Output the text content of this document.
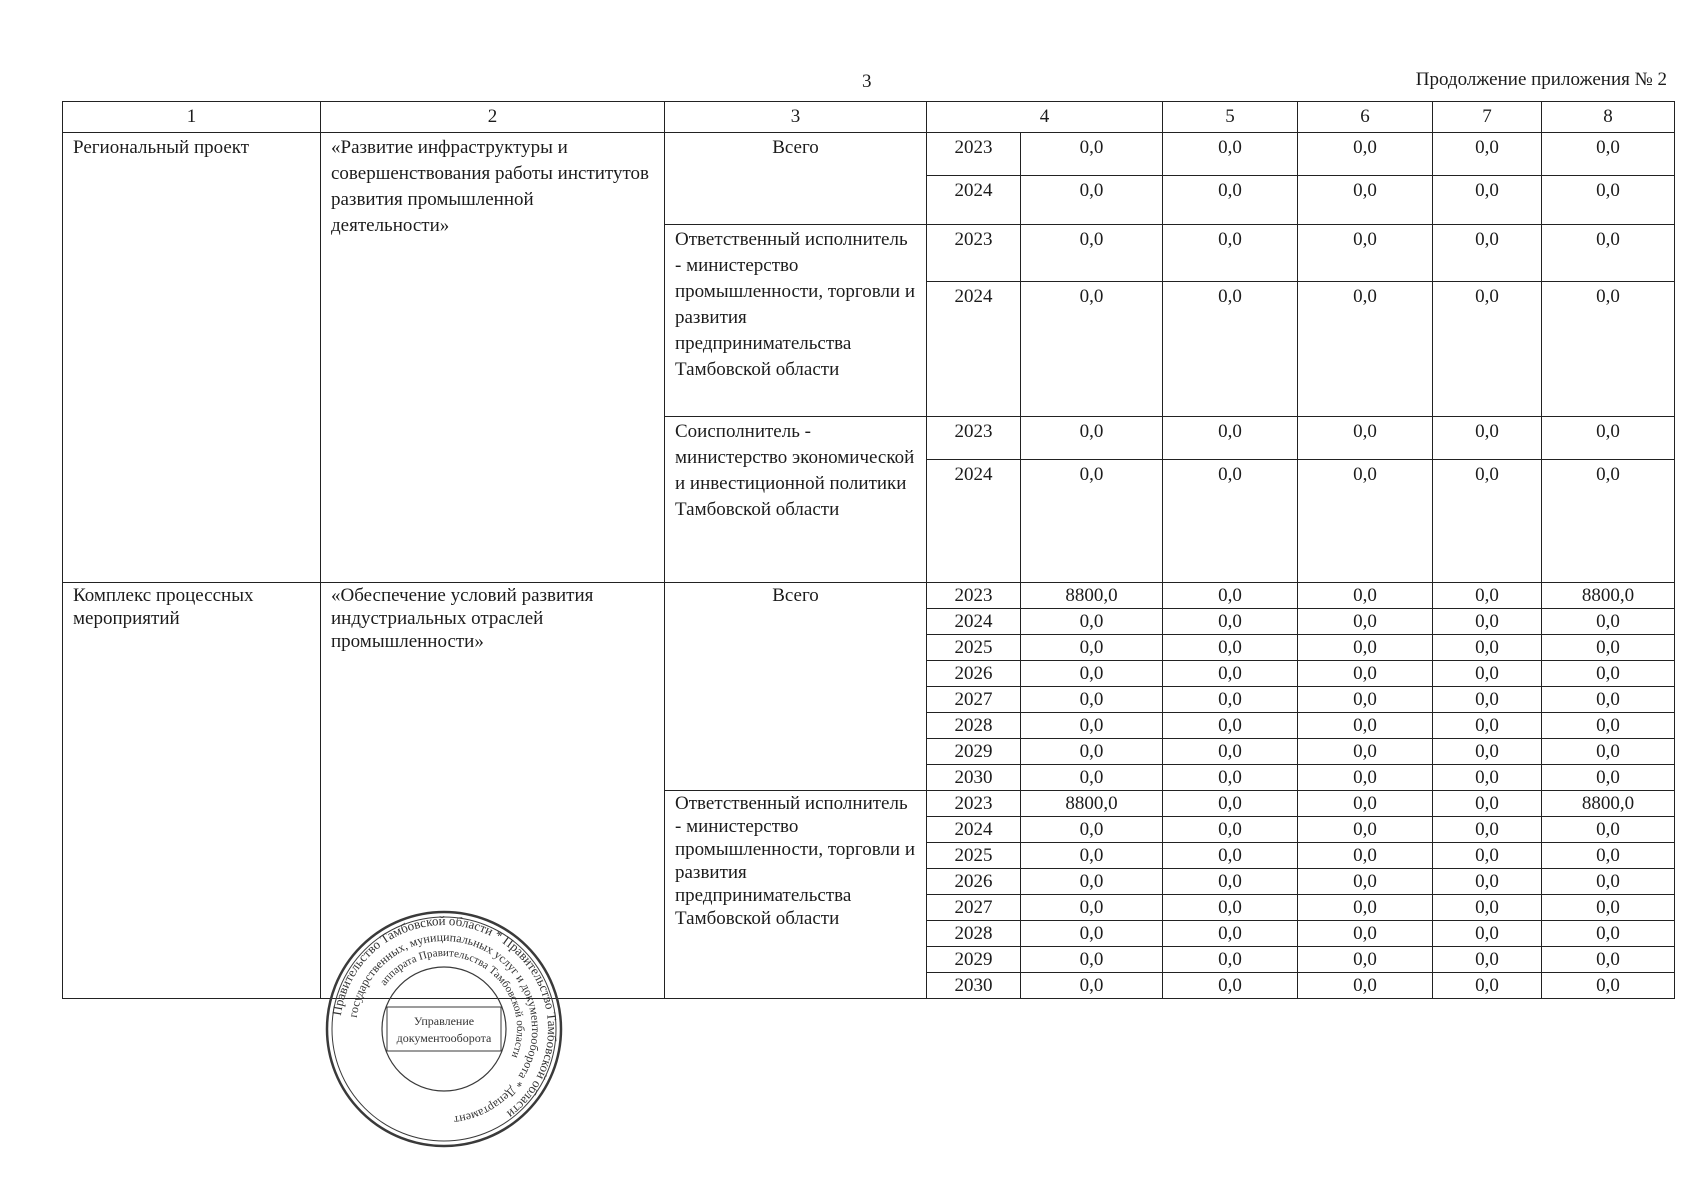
3	Продолжение приложения № 2
1	2	3	4		5	6	7	8
Региональный проект	«Развитие инфраструктуры и совершенствования работы институтов развития промышленной деятельности»	Всего	2023	0,0	0,0	0,0	0,0	0,0
			2024	0,0	0,0	0,0	0,0	0,0
		Ответственный исполнитель - министерство промышленности, торговли и развития предпринимательства Тамбовской области	2023	0,0	0,0	0,0	0,0	0,0
			2024	0,0	0,0	0,0	0,0	0,0
		Соисполнитель - министерство экономической и инвестиционной политики Тамбовской области	2023	0,0	0,0	0,0	0,0	0,0
			2024	0,0	0,0	0,0	0,0	0,0
Комплекс процессных мероприятий	«Обеспечение условий развития индустриальных отраслей промышленности»	Всего	2023	8800,0	0,0	0,0	0,0	8800,0
			2024	0,0	0,0	0,0	0,0	0,0
			2025	0,0	0,0	0,0	0,0	0,0
			2026	0,0	0,0	0,0	0,0	0,0
			2027	0,0	0,0	0,0	0,0	0,0
			2028	0,0	0,0	0,0	0,0	0,0
			2029	0,0	0,0	0,0	0,0	0,0
			2030	0,0	0,0	0,0	0,0	0,0
		Ответственный исполнитель - министерство промышленности, торговли и развития предпринимательства Тамбовской области	2023	8800,0	0,0	0,0	0,0	8800,0
			2024	0,0	0,0	0,0	0,0	0,0
			2025	0,0	0,0	0,0	0,0	0,0
			2026	0,0	0,0	0,0	0,0	0,0
			2027	0,0	0,0	0,0	0,0	0,0
			2028	0,0	0,0	0,0	0,0	0,0
			2029	0,0	0,0	0,0	0,0	0,0
			2030	0,0	0,0	0,0	0,0	0,0
Правительство Тамбовской области * Правительство Тамбовской области
государственных, муниципальных услуг и документооборота * Департамент
аппарата Правительства Тамбовской области
Управление
документооборота
